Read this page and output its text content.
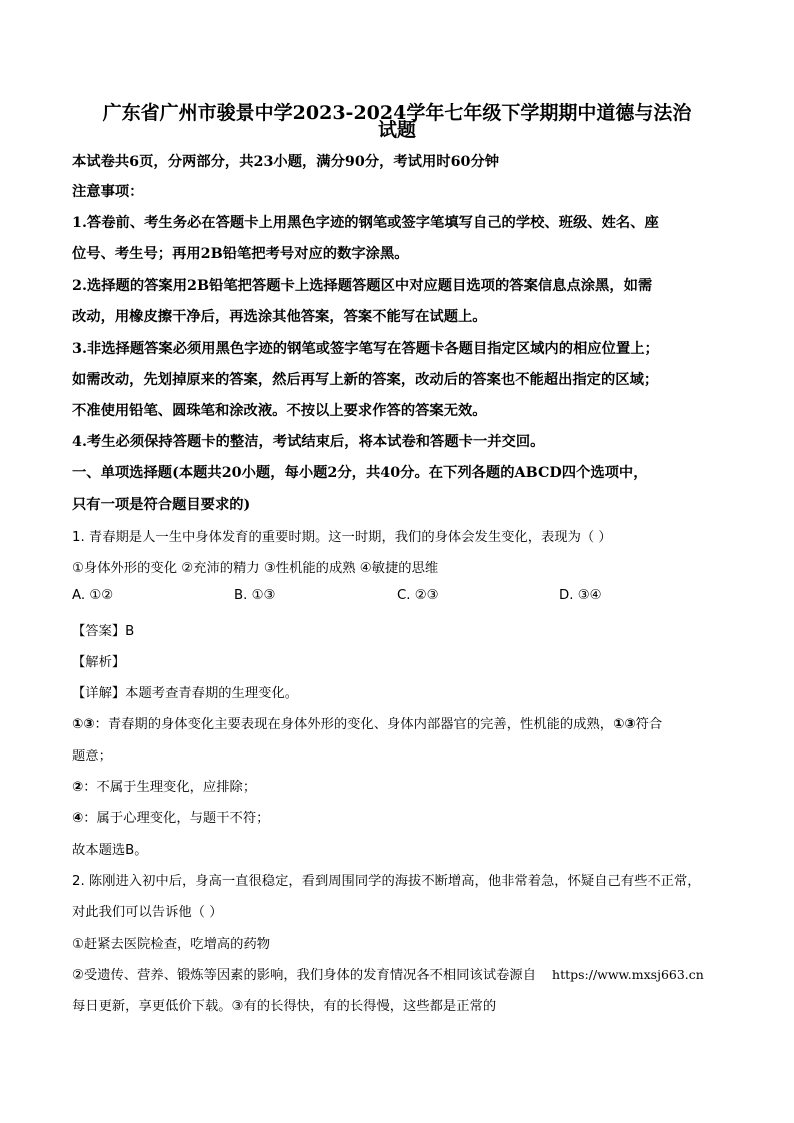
广东省广州市骏景中学2023-2024学年七年级下学期期中道德与法治
试题
本试卷共6页，分两部分，共23小题，满分90分，考试用时60分钟
注意事项：
1.答卷前、考生务必在答题卡上用黑色字迹的钢笔或签字笔填写自己的学校、班级、姓名、座
位号、考生号；再用2B铅笔把考号对应的数字涂黑。
2.选择题的答案用2B铅笔把答题卡上选择题答题区中对应题目选项的答案信息点涂黑，如需
改动，用橡皮擦干净后，再选涂其他答案，答案不能写在试题上。
3.非选择题答案必须用黑色字迹的钢笔或签字笔写在答题卡各题目指定区域内的相应位置上；
如需改动，先划掉原来的答案，然后再写上新的答案，改动后的答案也不能超出指定的区域；
不准使用铅笔、圆珠笔和涂改液。不按以上要求作答的答案无效。
4.考生必须保持答题卡的整洁，考试结束后，将本试卷和答题卡一并交回。
一、单项选择题(本题共20小题，每小题2分，共40分。在下列各题的ABCD四个选项中，
只有一项是符合题目要求的)
1. 青春期是人一生中身体发育的重要时期。这一时期，我们的身体会发生变化，表现为（ ）
①身体外形的变化 ②充沛的精力 ③性机能的成熟 ④敏捷的思维
A. ①②	B. ①③	C. ②③	D. ③④
【答案】B
【解析】
【详解】本题考查青春期的生理变化。
①③：青春期的身体变化主要表现在身体外形的变化、身体内部器官的完善，性机能的成熟，①③符合
题意；
②：不属于生理变化，应排除；
④：属于心理变化，与题干不符；
故本题选B。
2. 陈刚进入初中后，身高一直很稳定，看到周围同学的海拔不断增高，他非常着急，怀疑自己有些不正常，
对此我们可以告诉他（ ）
①赶紧去医院检查，吃增高的药物
②受遗传、营养、锻炼等因素的影响，我们身体的发育情况各不相同该试卷源自 https://www.mxsj663.cn
每日更新，享更低价下载。③有的长得快，有的长得慢，这些都是正常的
